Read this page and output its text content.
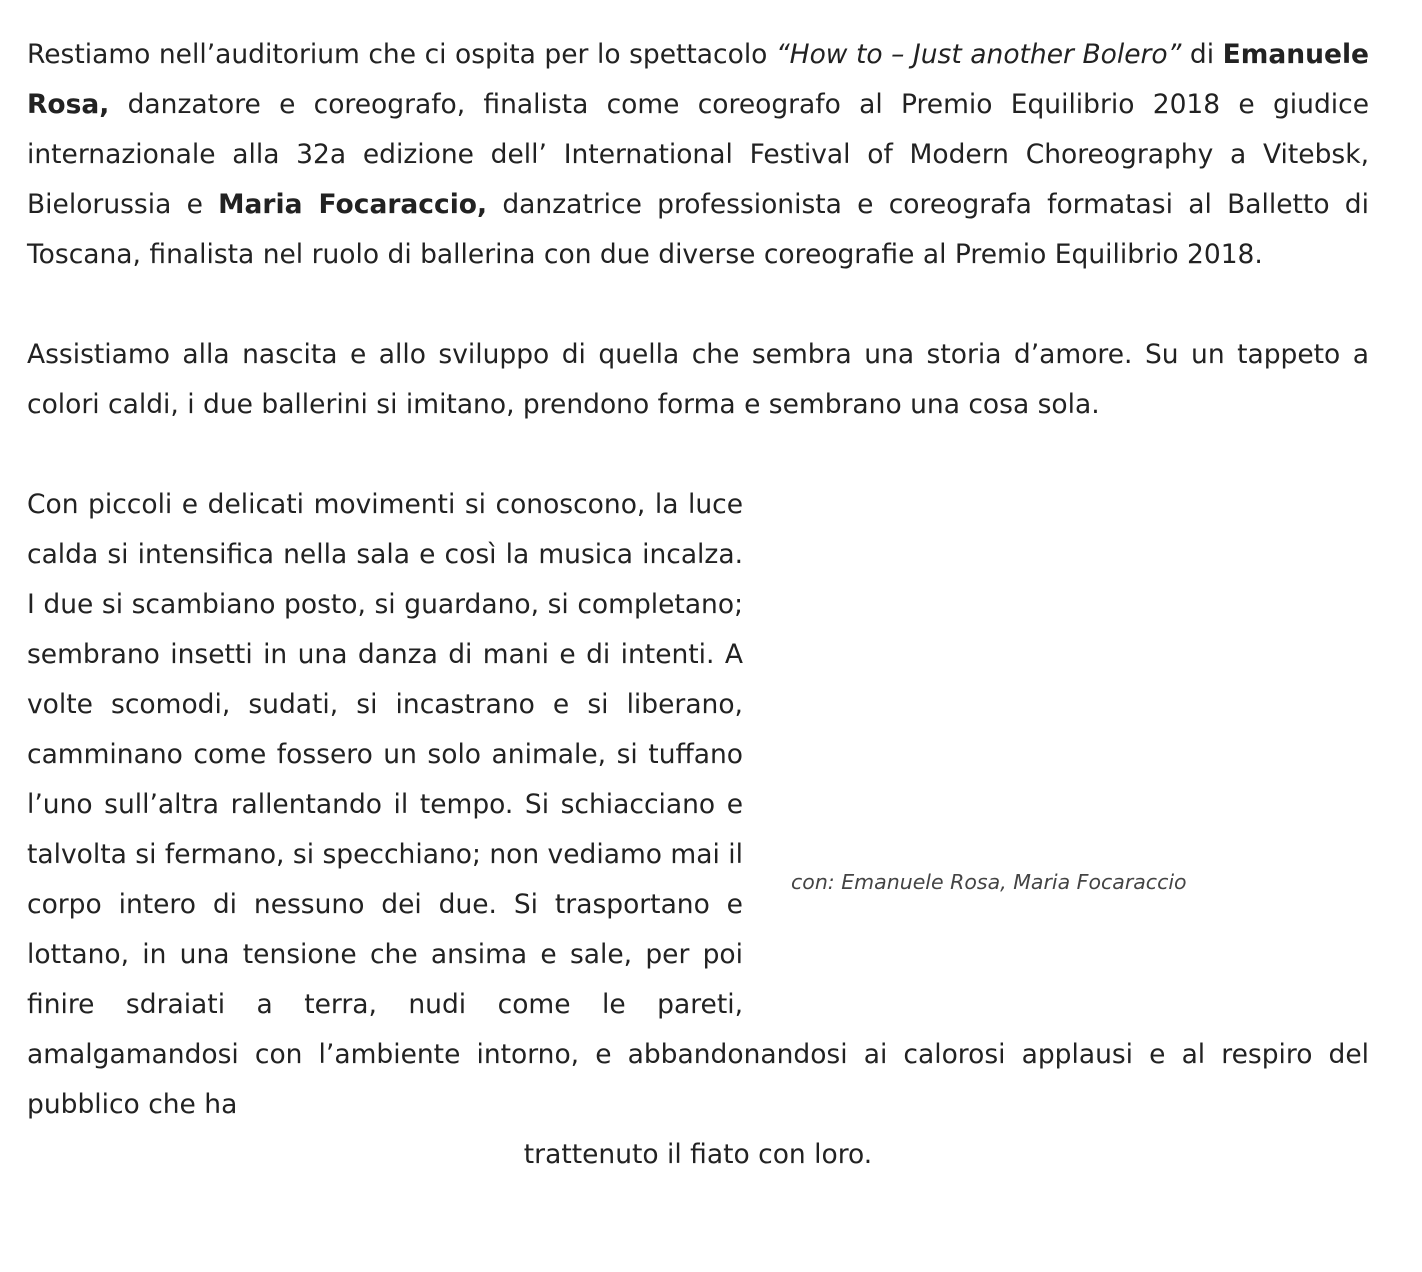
Restiamo nell’auditorium che ci ospita per lo spettacolo “How to – Just another Bolero” di Emanuele Rosa, danzatore e coreografo, finalista come coreografo al Premio Equilibrio 2018 e giudice internazionale alla 32a edizione dell’ International Festival of Modern Choreography a Vitebsk, Bielorussia e Maria Focaraccio, danzatrice professionista e coreografa formatasi al Balletto di Toscana, finalista nel ruolo di ballerina con due diverse coreografie al Premio Equilibrio 2018.

Assistiamo alla nascita e allo sviluppo di quella che sembra una storia d’amore. Su un tappeto a colori caldi, i due ballerini si imitano, prendono forma e sembrano una cosa sola.

con: Emanuele Rosa, Maria Focaraccio

Con piccoli e delicati movimenti si conoscono, la luce calda si intensifica nella sala e così la musica incalza. I due si scambiano posto, si guardano, si completano; sembrano insetti in una danza di mani e di intenti. A volte scomodi, sudati, si incastrano e si liberano, camminano come fossero un solo animale, si tuffano l’uno sull’altra rallentando il tempo. Si schiacciano e talvolta si fermano, si specchiano; non vediamo mai il corpo intero di nessuno dei due. Si trasportano e lottano, in una tensione che ansima e sale, per poi finire sdraiati a terra, nudi come le pareti, amalgamandosi con l’ambiente intorno, e abbandonandosi ai calorosi applausi e al respiro del pubblico che ha

trattenuto il fiato con loro.
